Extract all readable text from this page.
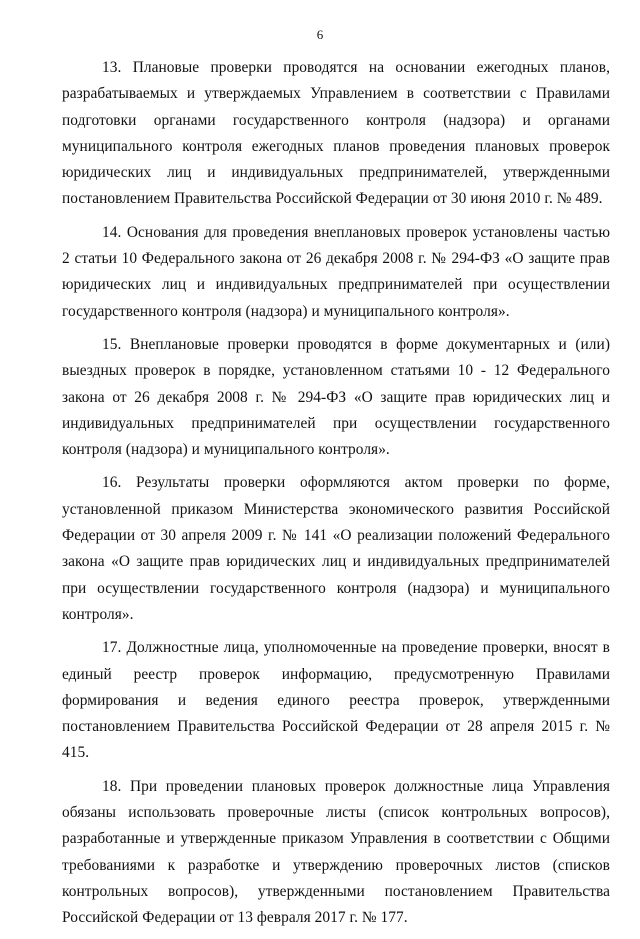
6

13. Плановые проверки проводятся на основании ежегодных планов, разрабатываемых и утверждаемых Управлением в соответствии с Правилами подготовки органами государственного контроля (надзора) и органами муниципального контроля ежегодных планов проведения плановых проверок юридических лиц и индивидуальных предпринимателей, утвержденными постановлением Правительства Российской Федерации от 30 июня 2010 г. № 489.

14. Основания для проведения внеплановых проверок установлены частью 2 статьи 10 Федерального закона от 26 декабря 2008 г. № 294-ФЗ «О защите прав юридических лиц и индивидуальных предпринимателей при осуществлении государственного контроля (надзора) и муниципального контроля».

15. Внеплановые проверки проводятся в форме документарных и (или) выездных проверок в порядке, установленном статьями 10 - 12 Федерального закона от 26 декабря 2008 г. № 294-ФЗ «О защите прав юридических лиц и индивидуальных предпринимателей при осуществлении государственного контроля (надзора) и муниципального контроля».

16. Результаты проверки оформляются актом проверки по форме, установленной приказом Министерства экономического развития Российской Федерации от 30 апреля 2009 г. № 141 «О реализации положений Федерального закона «О защите прав юридических лиц и индивидуальных предпринимателей при осуществлении государственного контроля (надзора) и муниципального контроля».

17. Должностные лица, уполномоченные на проведение проверки, вносят в единый реестр проверок информацию, предусмотренную Правилами формирования и ведения единого реестра проверок, утвержденными постановлением Правительства Российской Федерации от 28 апреля 2015 г. № 415.

18. При проведении плановых проверок должностные лица Управления обязаны использовать проверочные листы (список контрольных вопросов), разработанные и утвержденные приказом Управления в соответствии с Общими требованиями к разработке и утверждению проверочных листов (списков контрольных вопросов), утвержденными постановлением Правительства Российской Федерации от 13 февраля 2017 г. № 177.
